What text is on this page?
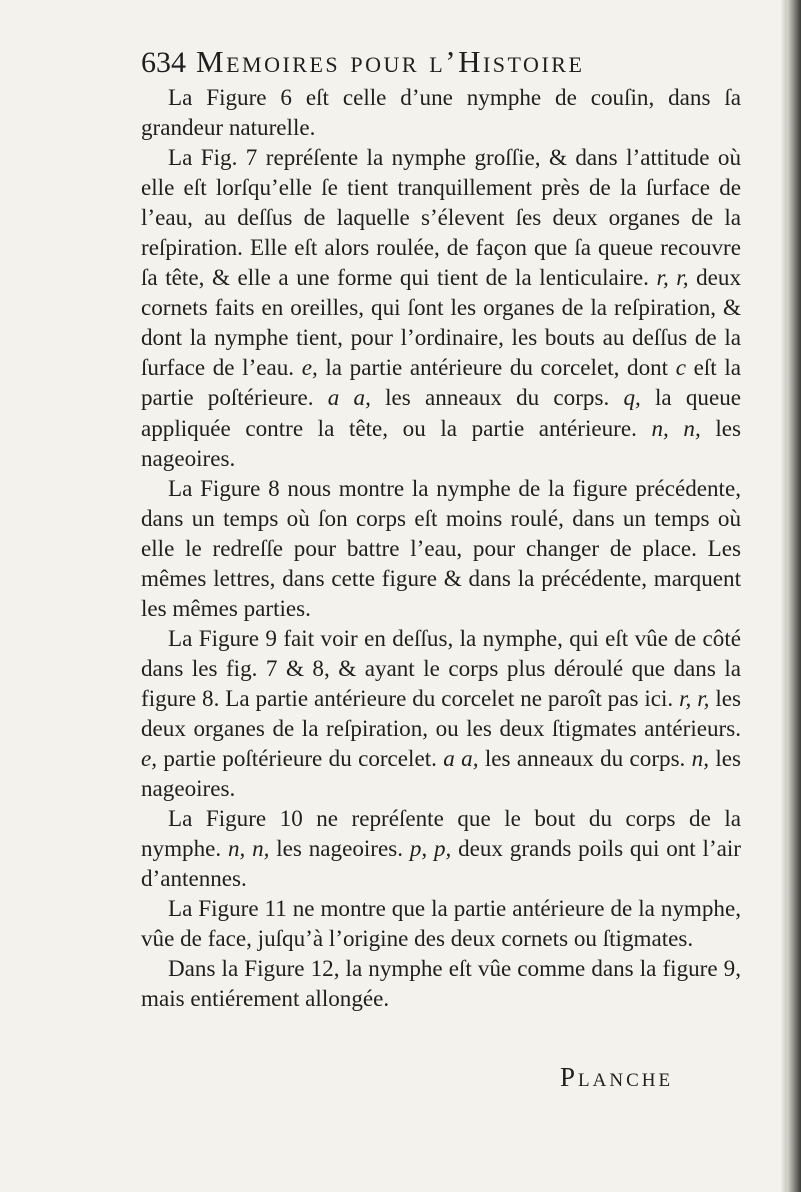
634 Memoires pour l’Histoire

La Figure 6 eſt celle d’une nymphe de couſin, dans ſa grandeur naturelle.

La Fig. 7 repréſente la nymphe groſſie, & dans l’attitude où elle eſt lorſqu’elle ſe tient tranquillement près de la ſurface de l’eau, au deſſus de laquelle s’élevent ſes deux organes de la reſpiration. Elle eſt alors roulée, de façon que ſa queue recouvre ſa tête, & elle a une forme qui tient de la lenticulaire. r, r, deux cornets faits en oreilles, qui ſont les organes de la reſpiration, & dont la nymphe tient, pour l’ordinaire, les bouts au deſſus de la ſurface de l’eau. e, la partie antérieure du corcelet, dont c eſt la partie poſtérieure. a a, les anneaux du corps. q, la queue appliquée contre la tête, ou la partie antérieure. n, n, les nageoires.

La Figure 8 nous montre la nymphe de la figure précédente, dans un temps où ſon corps eſt moins roulé, dans un temps où elle le redreſſe pour battre l’eau, pour changer de place. Les mêmes lettres, dans cette figure & dans la précédente, marquent les mêmes parties.

La Figure 9 fait voir en deſſus, la nymphe, qui eſt vûe de côté dans les fig. 7 & 8, & ayant le corps plus déroulé que dans la figure 8. La partie antérieure du corcelet ne paroît pas ici. r, r, les deux organes de la reſpiration, ou les deux ſtigmates antérieurs. e, partie poſtérieure du corcelet. a a, les anneaux du corps. n, les nageoires.

La Figure 10 ne repréſente que le bout du corps de la nymphe. n, n, les nageoires. p, p, deux grands poils qui ont l’air d’antennes.

La Figure 11 ne montre que la partie antérieure de la nymphe, vûe de face, juſqu’à l’origine des deux cornets ou ſtigmates.

Dans la Figure 12, la nymphe eſt vûe comme dans la figure 9, mais entiérement allongée.

Planche
